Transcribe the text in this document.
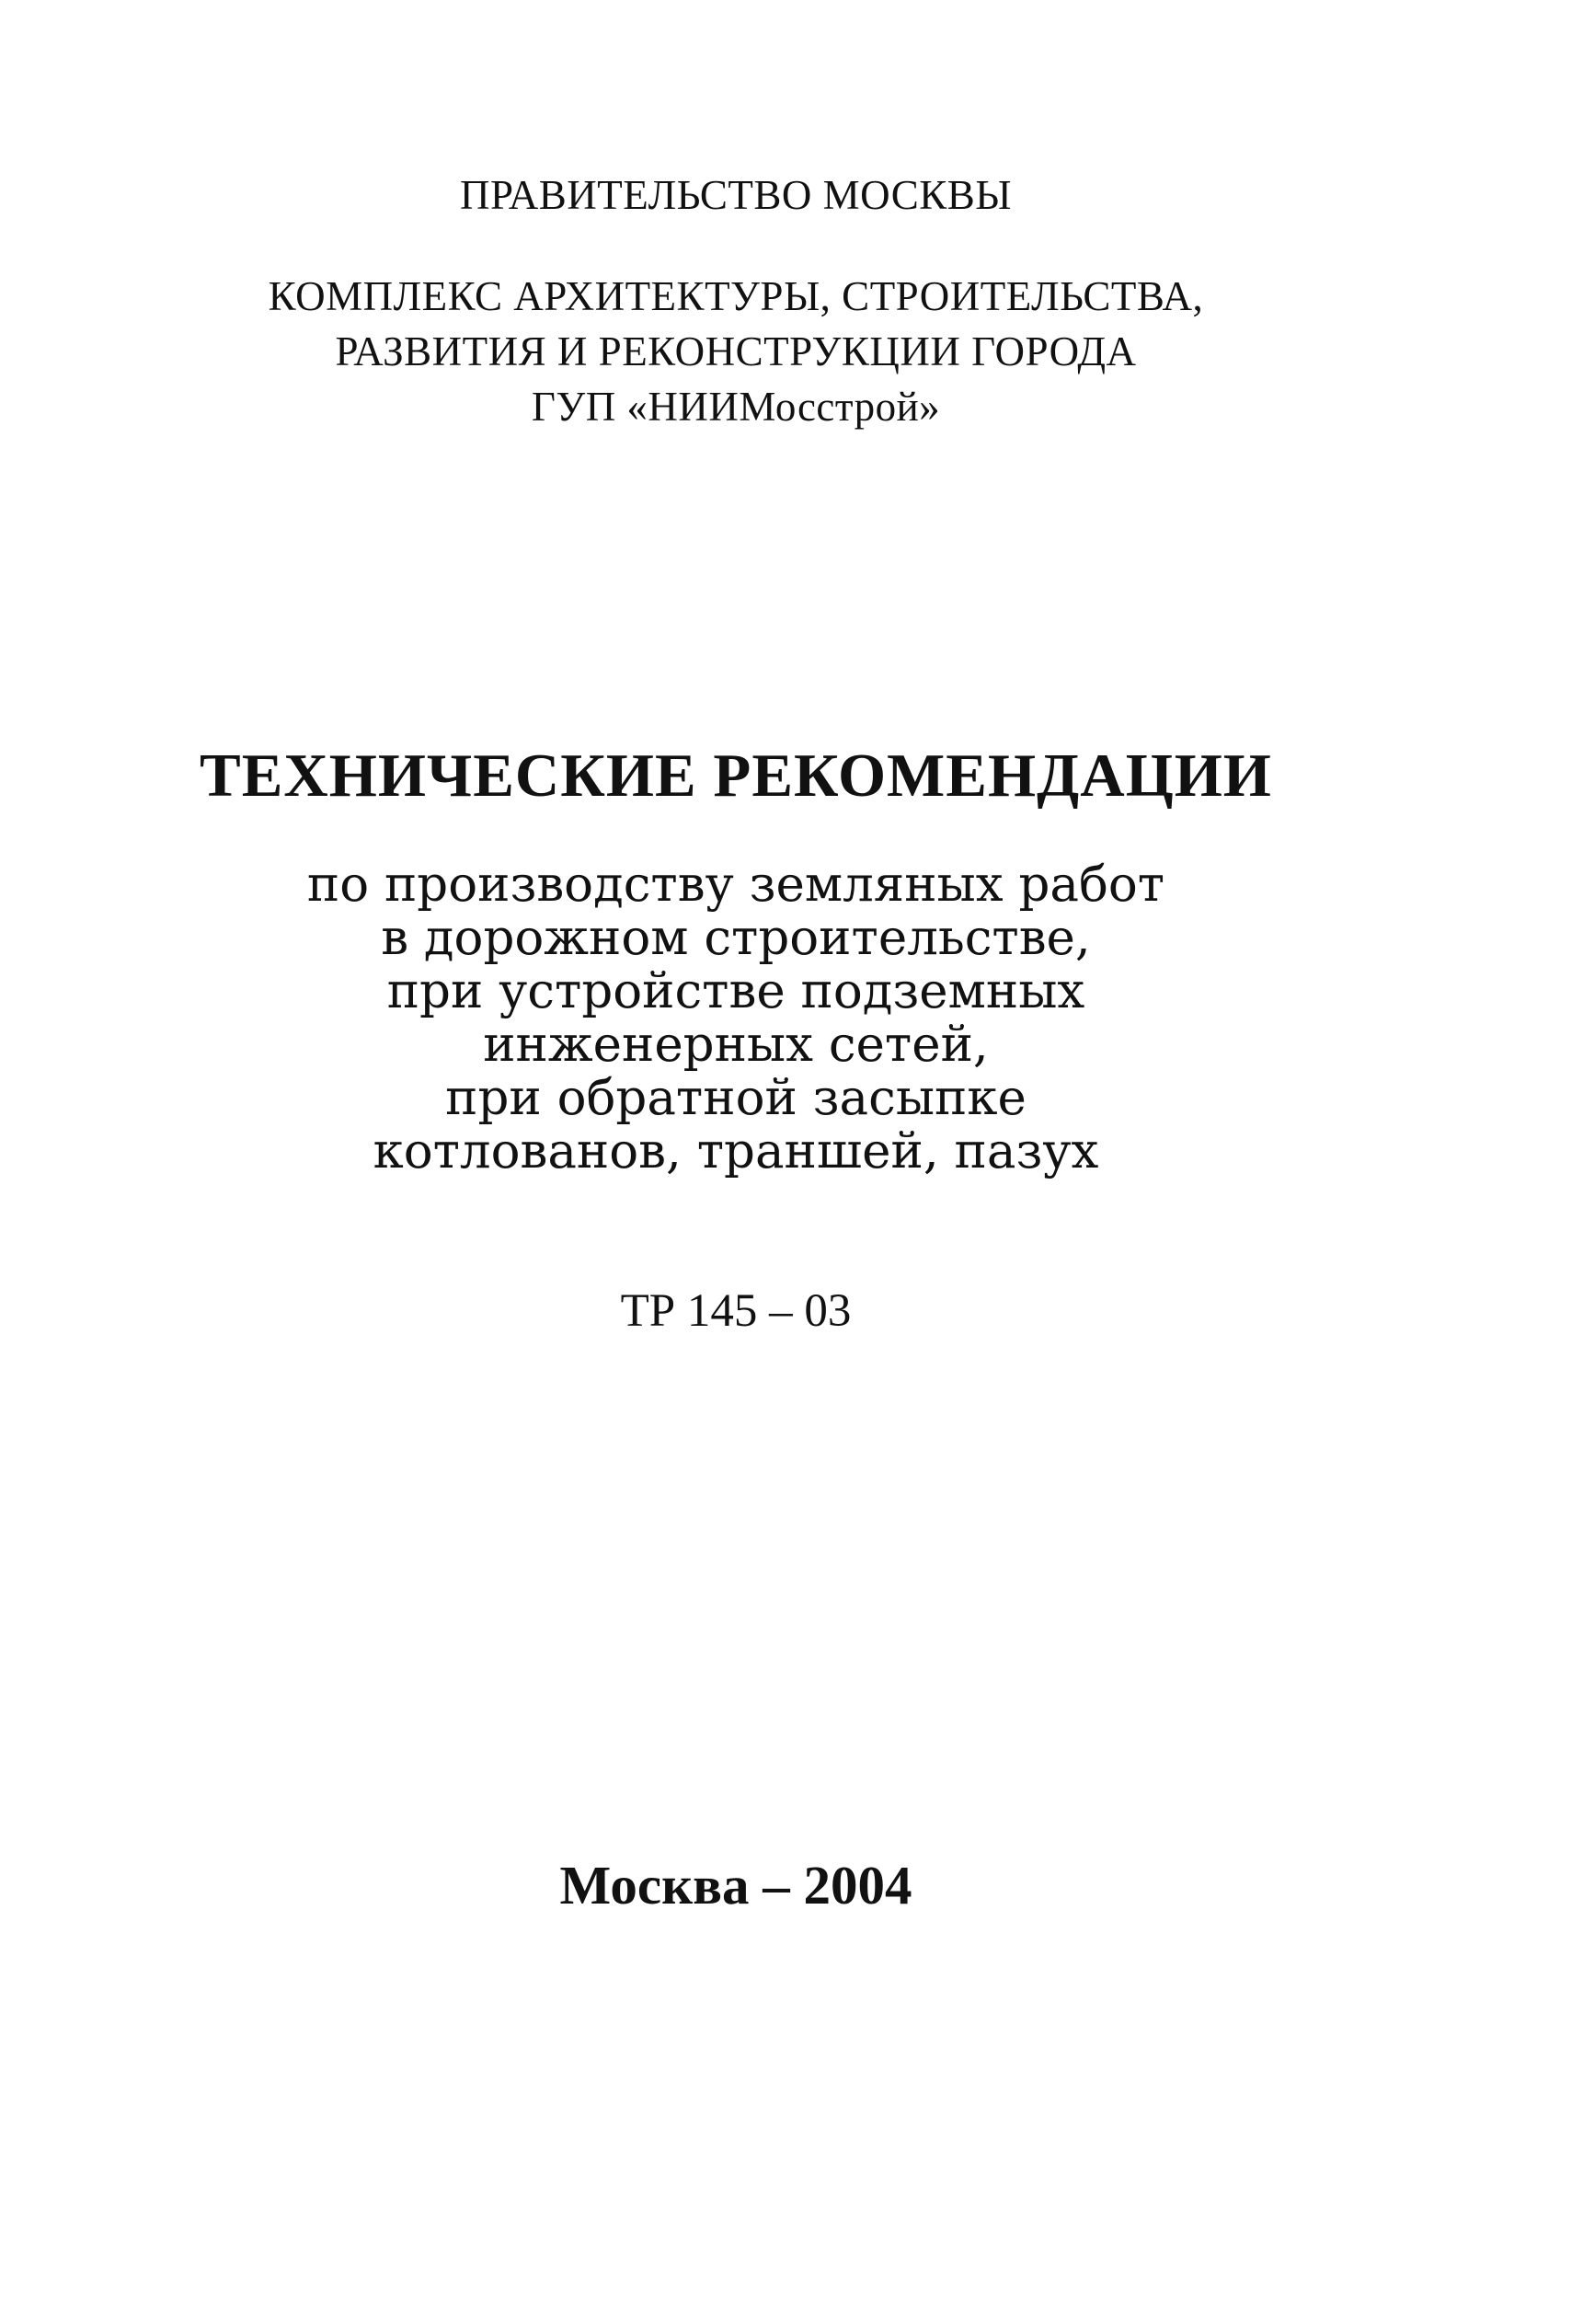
ПРАВИТЕЛЬСТВО МОСКВЫ

КОМПЛЕКС АРХИТЕКТУРЫ, СТРОИТЕЛЬСТВА,

РАЗВИТИЯ И РЕКОНСТРУКЦИИ ГОРОДА

ГУП «НИИМосстрой»

ТЕХНИЧЕСКИЕ РЕКОМЕНДАЦИИ

по производству земляных работ

в дорожном строительстве,

при устройстве подземных

инженерных сетей,

при обратной засыпке

котлованов, траншей, пазух

ТР 145 – 03

Москва – 2004
